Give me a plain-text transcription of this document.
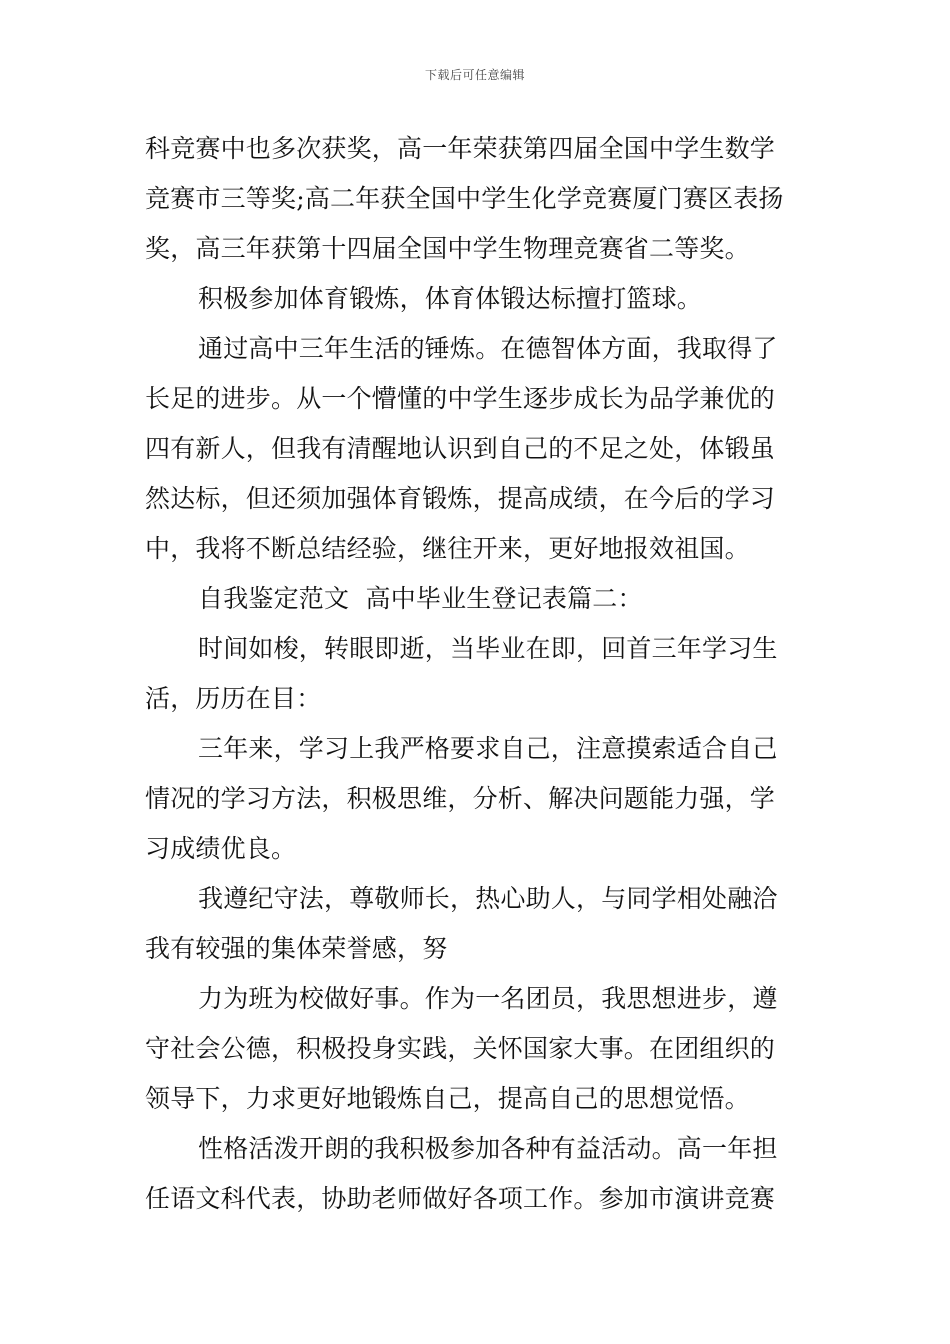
下载后可任意编辑
科竞赛中也多次获奖，高一年荣获第四届全国中学生数学
竞赛市三等奖;高二年获全国中学生化学竞赛厦门赛区表扬
奖，高三年获第十四届全国中学生物理竞赛省二等奖。
积极参加体育锻炼，体育体锻达标擅打篮球。
通过高中三年生活的锤炼。在德智体方面，我取得了
长足的进步。从一个懵懂的中学生逐步成长为品学兼优的
四有新人，但我有清醒地认识到自己的不足之处，体锻虽
然达标，但还须加强体育锻炼，提高成绩，在今后的学习
中，我将不断总结经验，继往开来，更好地报效祖国。
自我鉴定范文  高中毕业生登记表篇二：
时间如梭，转眼即逝，当毕业在即，回首三年学习生
活，历历在目：
三年来，学习上我严格要求自己，注意摸索适合自己
情况的学习方法，积极思维，分析、解决问题能力强，学
习成绩优良。
我遵纪守法，尊敬师长，热心助人，与同学相处融洽
我有较强的集体荣誉感，努
力为班为校做好事。作为一名团员，我思想进步，遵
守社会公德，积极投身实践，关怀国家大事。在团组织的
领导下，力求更好地锻炼自己，提高自己的思想觉悟。
性格活泼开朗的我积极参加各种有益活动。高一年担
任语文科代表，协助老师做好各项工作。参加市演讲竞赛
